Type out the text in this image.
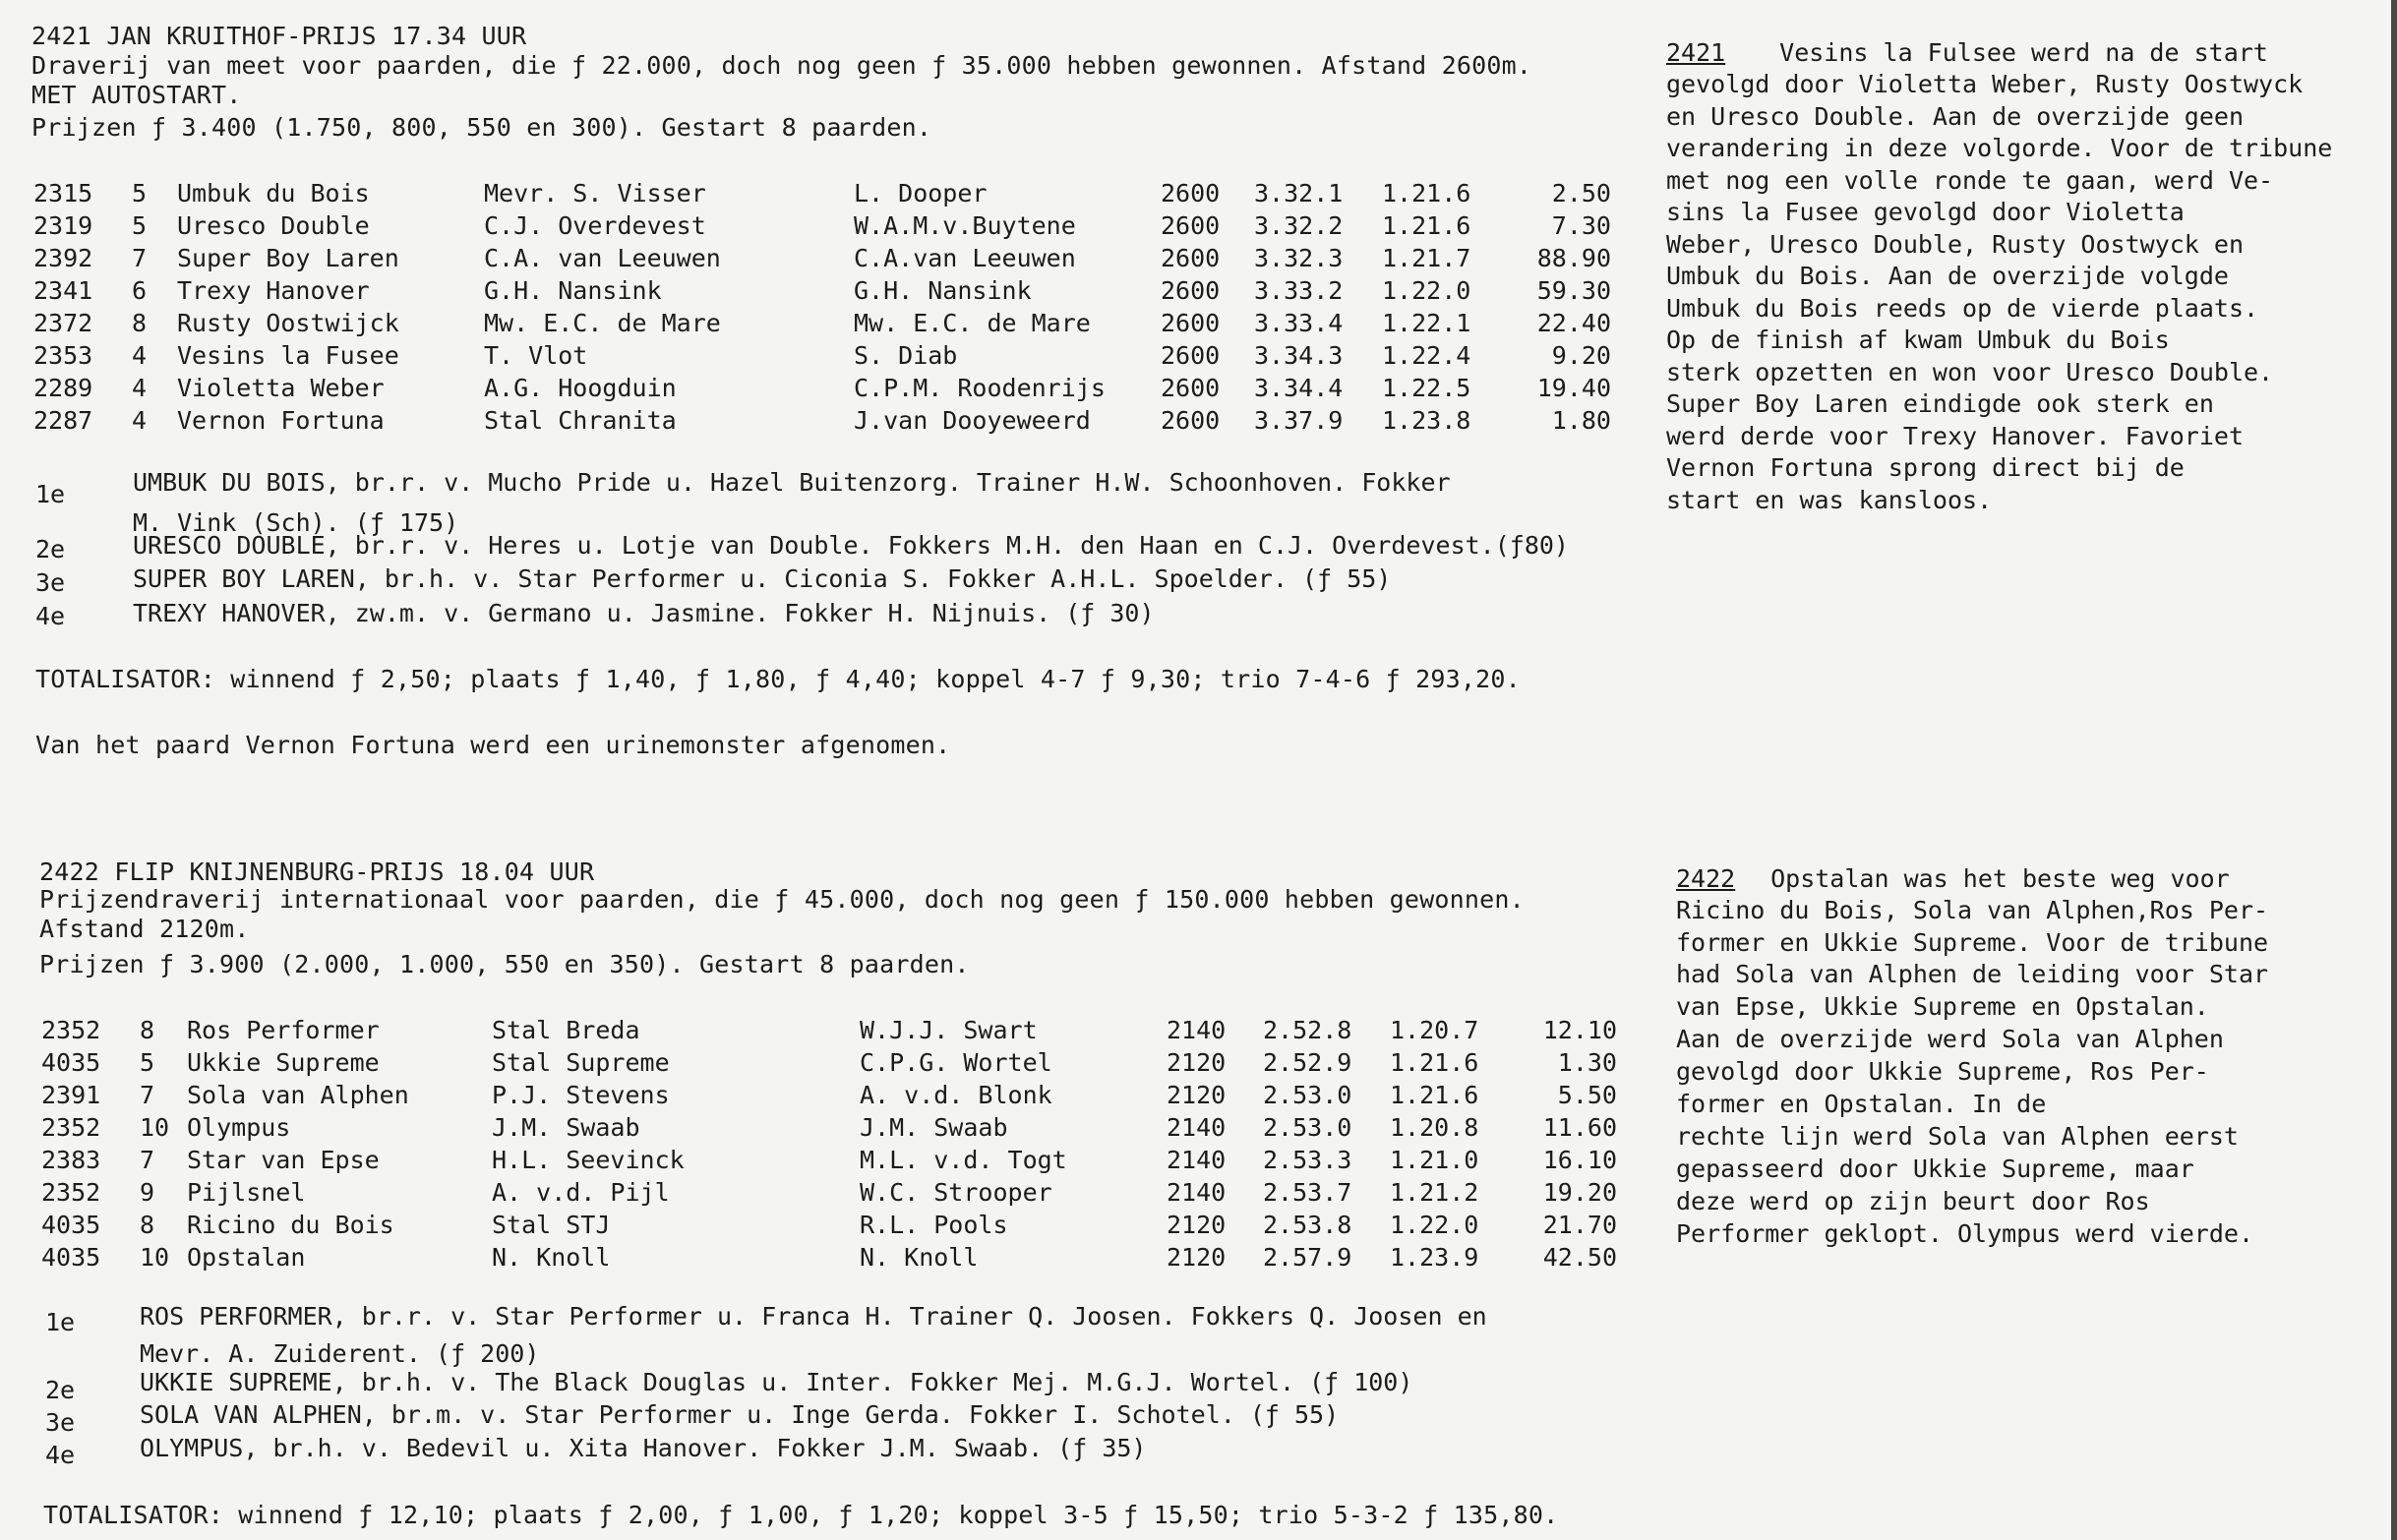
2421 JAN KRUITHOF-PRIJS 17.34 UUR
Draverij van meet voor paarden, die ƒ 22.000, doch nog geen ƒ 35.000 hebben gewonnen. Afstand 2600m.
MET AUTOSTART.
Prijzen ƒ 3.400 (1.750, 800, 550 en 300). Gestart 8 paarden.
2315 5 Umbuk du Bois	Mevr. S. Visser	L. Dooper	2600 3.32.1 1.21.6	2.50
2319 5 Uresco Double	C.J. Overdevest	W.A.M.v.Buytene	2600 3.32.2 1.21.6	7.30
2392 7 Super Boy Laren	C.A. van Leeuwen	C.A.van Leeuwen	2600 3.32.3 1.21.7	88.90
2341 6 Trexy Hanover	G.H. Nansink	G.H. Nansink	2600 3.33.2 1.22.0	59.30
2372 8 Rusty Oostwijck	Mw. E.C. de Mare	Mw. E.C. de Mare	2600 3.33.4 1.22.1	22.40
2353 4 Vesins la Fusee	T. Vlot	S. Diab	2600 3.34.3 1.22.4	9.20
2289 4 Violetta Weber	A.G. Hoogduin	C.P.M. Roodenrijs 2600 3.34.4 1.22.5	19.40
2287 4 Vernon Fortuna	Stal Chranita	J.van Dooyeweerd	2600 3.37.9 1.23.8	1.80
1e	UMBUK DU BOIS, br.r. v. Mucho Pride u. Hazel Buitenzorg. Trainer H.W. Schoonhoven. Fokker
M. Vink (Sch). (ƒ 175)
2e	URESCO DOUBLE, br.r. v. Heres u. Lotje van Double. Fokkers M.H. den Haan en C.J. Overdevest.(ƒ80)
3e	SUPER BOY LAREN, br.h. v. Star Performer u. Ciconia S. Fokker A.H.L. Spoelder. (ƒ 55)
4e	TREXY HANOVER, zw.m. v. Germano u. Jasmine. Fokker H. Nijnuis. (ƒ 30)
TOTALISATOR: winnend ƒ 2,50; plaats ƒ 1,40, ƒ 1,80, ƒ 4,40; koppel 4-7 ƒ 9,30; trio 7-4-6 ƒ 293,20.
Van het paard Vernon Fortuna werd een urinemonster afgenomen.
2421 Vesins la Fulsee werd na de start
gevolgd door Violetta Weber, Rusty Oostwyck
en Uresco Double. Aan de overzijde geen
verandering in deze volgorde. Voor de tribune
met nog een volle ronde te gaan, werd Ve-
sins la Fusee gevolgd door Violetta
Weber, Uresco Double, Rusty Oostwyck en
Umbuk du Bois. Aan de overzijde volgde
Umbuk du Bois reeds op de vierde plaats.
Op de finish af kwam Umbuk du Bois
sterk opzetten en won voor Uresco Double.
Super Boy Laren eindigde ook sterk en
werd derde voor Trexy Hanover. Favoriet
Vernon Fortuna sprong direct bij de
start en was kansloos.
2422 FLIP KNIJNENBURG-PRIJS 18.04 UUR
Prijzendraverij internationaal voor paarden, die ƒ 45.000, doch nog geen ƒ 150.000 hebben gewonnen.
Afstand 2120m.
Prijzen ƒ 3.900 (2.000, 1.000, 550 en 350). Gestart 8 paarden.
2352 8 Ros Performer	Stal Breda	W.J.J. Swart	2140 2.52.8 1.20.7	12.10
4035 5 Ukkie Supreme	Stal Supreme	C.P.G. Wortel	2120 2.52.9 1.21.6	1.30
2391 7 Sola van Alphen	P.J. Stevens	A. v.d. Blonk	2120 2.53.0 1.21.6	5.50
2352 10 Olympus	J.M. Swaab	J.M. Swaab	2140 2.53.0 1.20.8	11.60
2383 7 Star van Epse	H.L. Seevinck	M.L. v.d. Togt	2140 2.53.3 1.21.0	16.10
2352 9 Pijlsnel	A. v.d. Pijl	W.C. Strooper	2140 2.53.7 1.21.2	19.20
4035 8 Ricino du Bois	Stal STJ	R.L. Pools	2120 2.53.8 1.22.0	21.70
4035 10 Opstalan	N. Knoll	N. Knoll	2120 2.57.9 1.23.9	42.50
1e	ROS PERFORMER, br.r. v. Star Performer u. Franca H. Trainer Q. Joosen. Fokkers Q. Joosen en
Mevr. A. Zuiderent. (ƒ 200)
2e	UKKIE SUPREME, br.h. v. The Black Douglas u. Inter. Fokker Mej. M.G.J. Wortel. (ƒ 100)
3e	SOLA VAN ALPHEN, br.m. v. Star Performer u. Inge Gerda. Fokker I. Schotel. (ƒ 55)
4e	OLYMPUS, br.h. v. Bedevil u. Xita Hanover. Fokker J.M. Swaab. (ƒ 35)
TOTALISATOR: winnend ƒ 12,10; plaats ƒ 2,00, ƒ 1,00, ƒ 1,20; koppel 3-5 ƒ 15,50; trio 5-3-2 ƒ 135,80.
2422 Opstalan was het beste weg voor
Ricino du Bois, Sola van Alphen,Ros Per-
former en Ukkie Supreme. Voor de tribune
had Sola van Alphen de leiding voor Star
van Epse, Ukkie Supreme en Opstalan.
Aan de overzijde werd Sola van Alphen
gevolgd door Ukkie Supreme, Ros Per-
former en Opstalan. In de
rechte lijn werd Sola van Alphen eerst
gepasseerd door Ukkie Supreme, maar
deze werd op zijn beurt door Ros
Performer geklopt. Olympus werd vierde.
